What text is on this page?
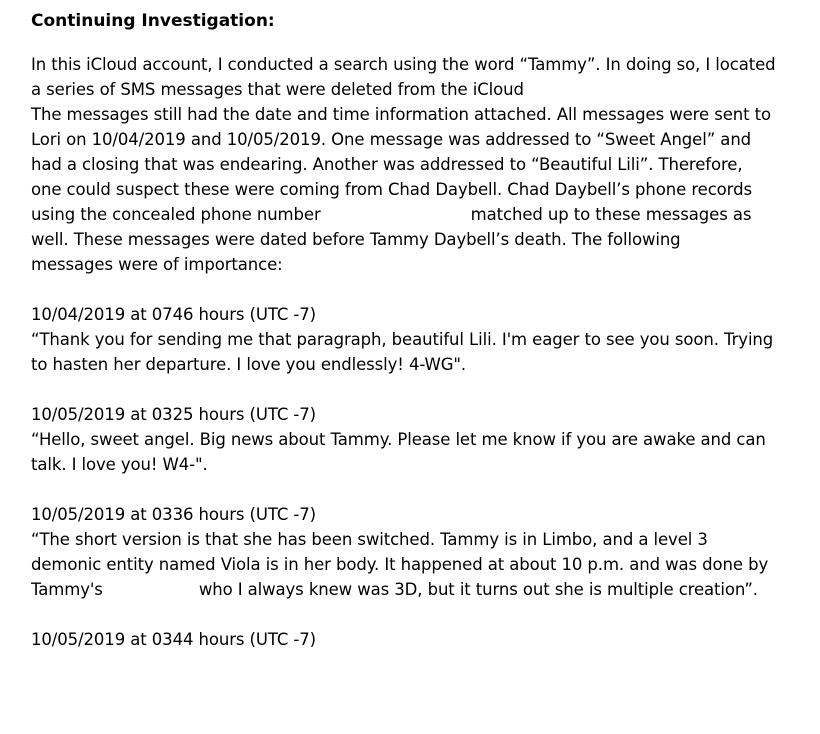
Continuing Investigation:
In this iCloud account, I conducted a search using the word “Tammy”. In doing so, I located
a series of SMS messages that were deleted from the iCloud
The messages still had the date and time information attached. All messages were sent to
Lori on 10/04/2019 and 10/05/2019. One message was addressed to “Sweet Angel” and
had a closing that was endearing. Another was addressed to “Beautiful Lili”. Therefore,
one could suspect these were coming from Chad Daybell. Chad Daybell’s phone records
using the concealed phone number	matched up to these messages as
well. These messages were dated before Tammy Daybell’s death. The following
messages were of importance:
10/04/2019 at 0746 hours (UTC -7)
“Thank you for sending me that paragraph, beautiful Lili. I'm eager to see you soon. Trying
to hasten her departure. I love you endlessly! 4-WG".
10/05/2019 at 0325 hours (UTC -7)
“Hello, sweet angel. Big news about Tammy. Please let me know if you are awake and can
talk. I love you! W4-".
10/05/2019 at 0336 hours (UTC -7)
“The short version is that she has been switched. Tammy is in Limbo, and a level 3
demonic entity named Viola is in her body. It happened at about 10 p.m. and was done by
Tammy's	who I always knew was 3D, but it turns out she is multiple creation”.
10/05/2019 at 0344 hours (UTC -7)
